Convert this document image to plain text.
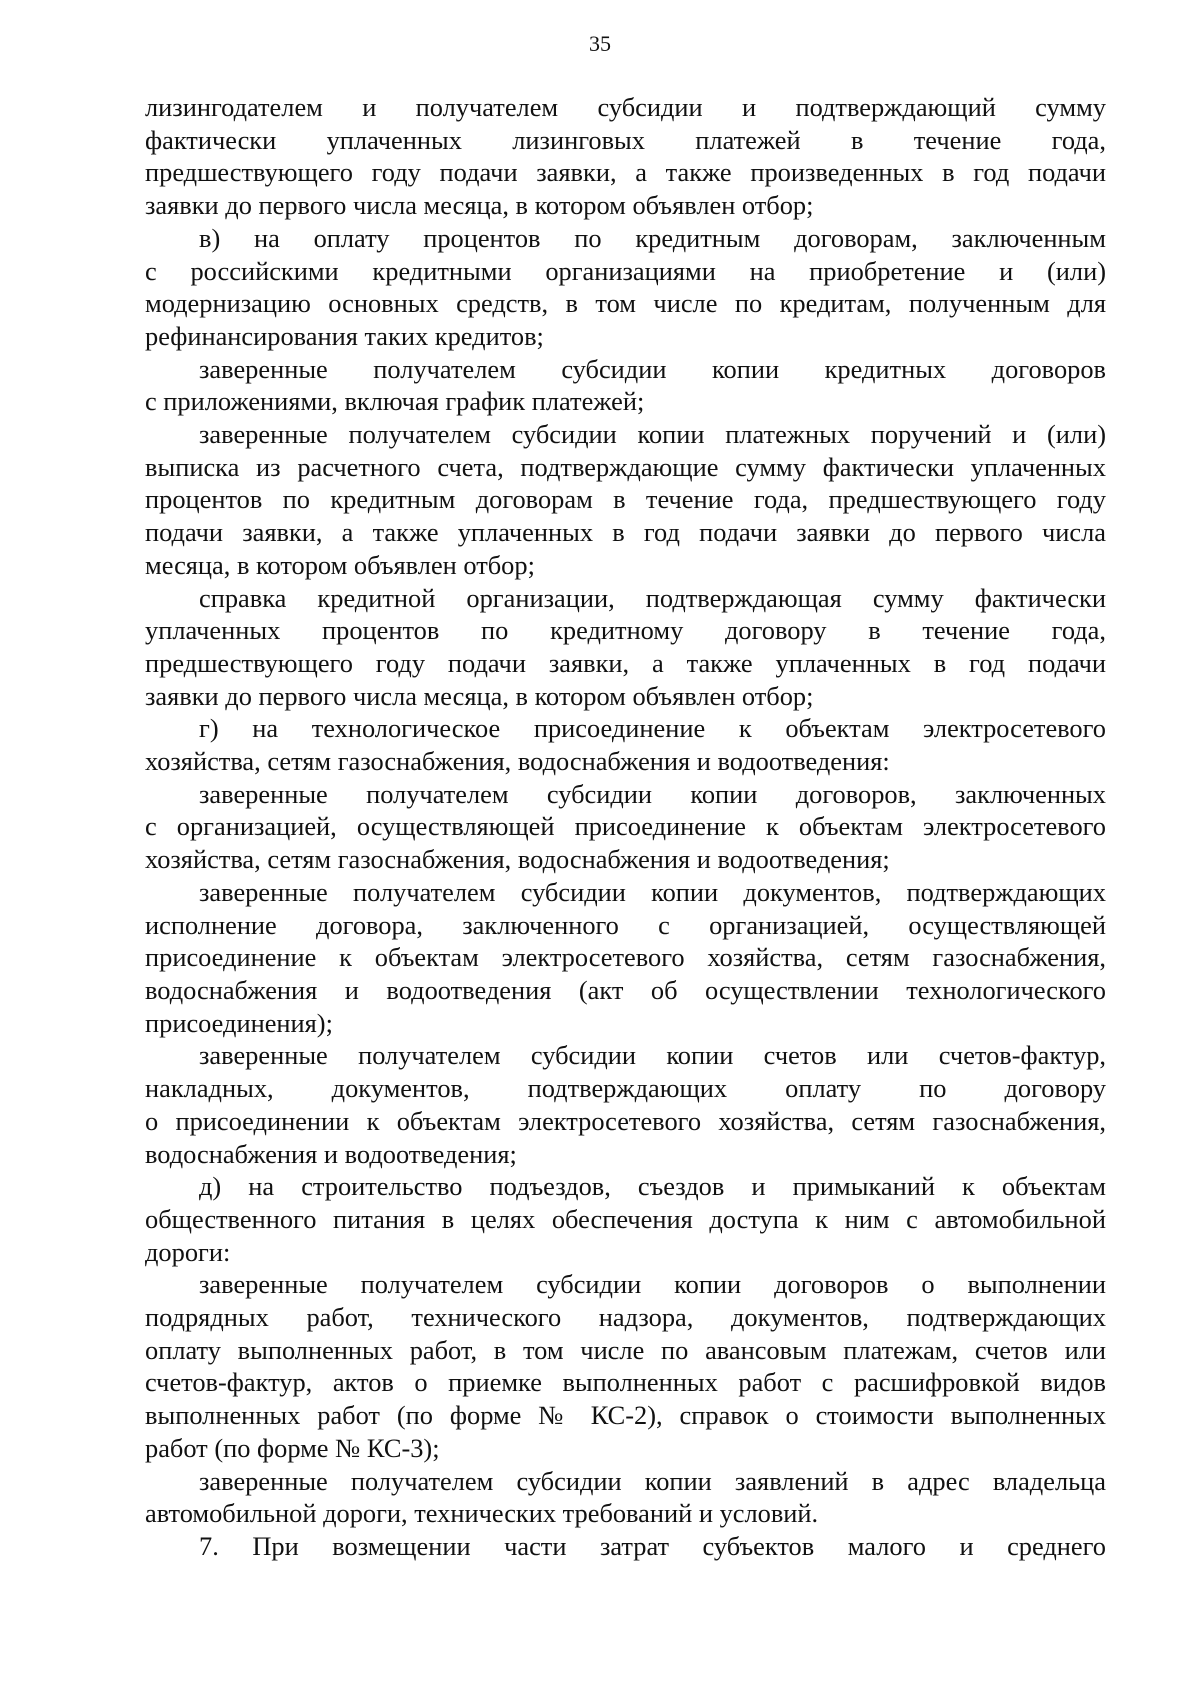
35
лизингодателем и получателем субсидии и подтверждающий сумму
фактически уплаченных лизинговых платежей в течение года,
предшествующего году подачи заявки, а также произведенных в год подачи
заявки до первого числа месяца, в котором объявлен отбор;
в) на оплату процентов по кредитным договорам, заключенным
с российскими кредитными организациями на приобретение и (или)
модернизацию основных средств, в том числе по кредитам, полученным для
рефинансирования таких кредитов;
заверенные получателем субсидии копии кредитных договоров
с приложениями, включая график платежей;
заверенные получателем субсидии копии платежных поручений и (или)
выписка из расчетного счета, подтверждающие сумму фактически уплаченных
процентов по кредитным договорам в течение года, предшествующего году
подачи заявки, а также уплаченных в год подачи заявки до первого числа
месяца, в котором объявлен отбор;
справка кредитной организации, подтверждающая сумму фактически
уплаченных процентов по кредитному договору в течение года,
предшествующего году подачи заявки, а также уплаченных в год подачи
заявки до первого числа месяца, в котором объявлен отбор;
г) на технологическое присоединение к объектам электросетевого
хозяйства, сетям газоснабжения, водоснабжения и водоотведения:
заверенные получателем субсидии копии договоров, заключенных
с организацией, осуществляющей присоединение к объектам электросетевого
хозяйства, сетям газоснабжения, водоснабжения и водоотведения;
заверенные получателем субсидии копии документов, подтверждающих
исполнение договора, заключенного с организацией, осуществляющей
присоединение к объектам электросетевого хозяйства, сетям газоснабжения,
водоснабжения и водоотведения (акт об осуществлении технологического
присоединения);
заверенные получателем субсидии копии счетов или счетов-фактур,
накладных, документов, подтверждающих оплату по договору
о присоединении к объектам электросетевого хозяйства, сетям газоснабжения,
водоснабжения и водоотведения;
д) на строительство подъездов, съездов и примыканий к объектам
общественного питания в целях обеспечения доступа к ним с автомобильной
дороги:
заверенные получателем субсидии копии договоров о выполнении
подрядных работ, технического надзора, документов, подтверждающих
оплату выполненных работ, в том числе по авансовым платежам, счетов или
счетов-фактур, актов о приемке выполненных работ с расшифровкой видов
выполненных работ (по форме № КС-2), справок о стоимости выполненных
работ (по форме № КС-3);
заверенные получателем субсидии копии заявлений в адрес владельца
автомобильной дороги, технических требований и условий.
7. При возмещении части затрат субъектов малого и среднего
